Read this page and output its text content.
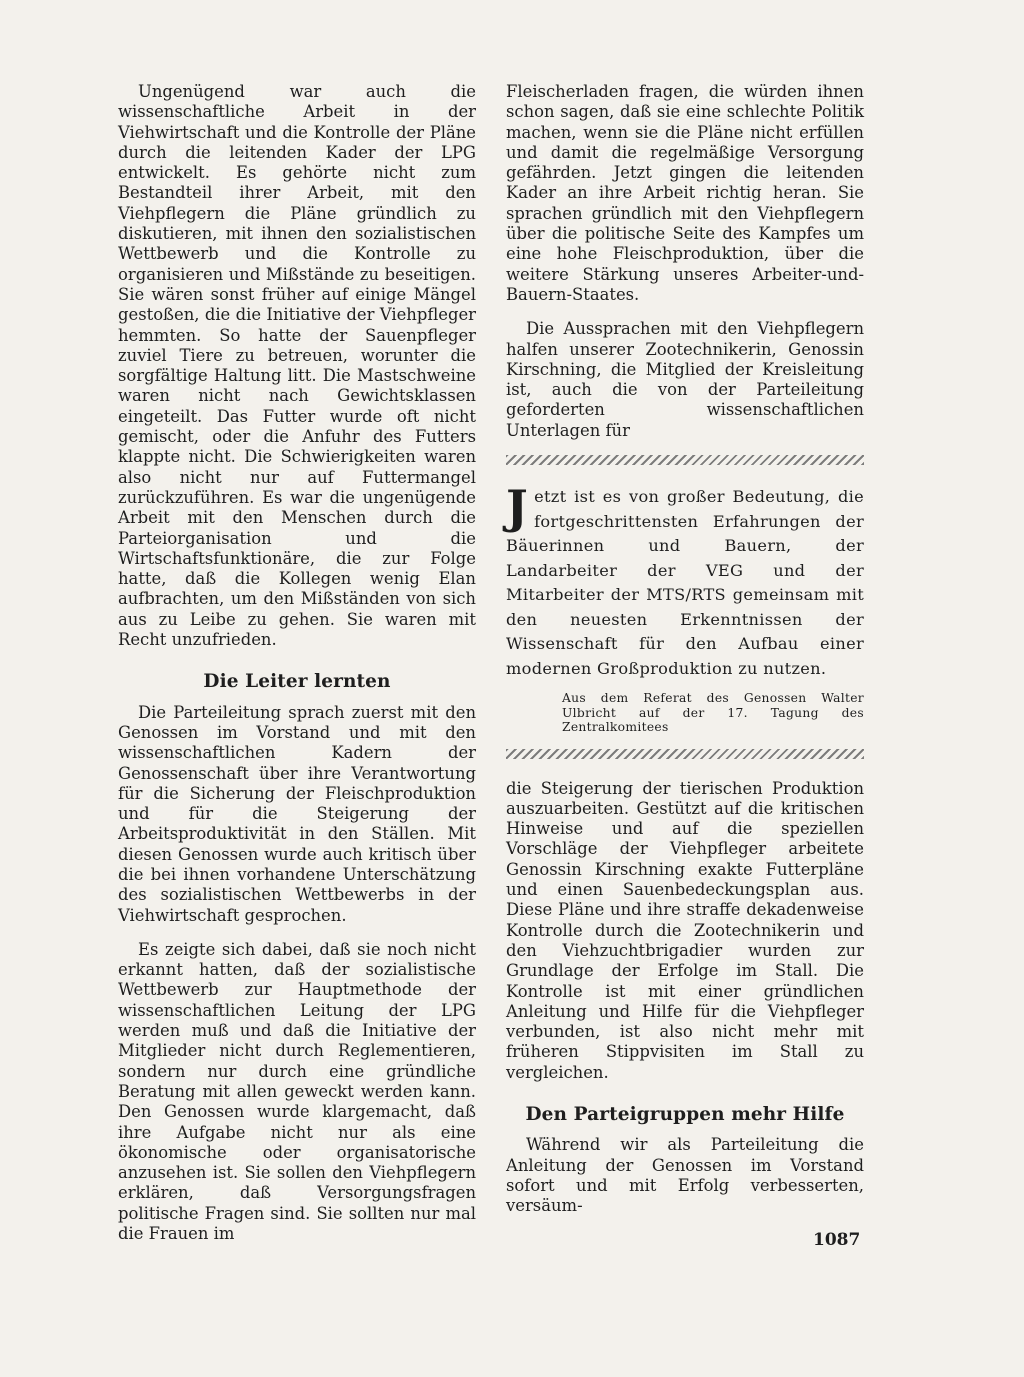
Ungenügend war auch die wissenschaftliche Arbeit in der Viehwirtschaft und die Kontrolle der Pläne durch die leitenden Kader der LPG entwickelt. Es gehörte nicht zum Bestandteil ihrer Arbeit, mit den Viehpflegern die Pläne gründlich zu diskutieren, mit ihnen den sozialistischen Wettbewerb und die Kontrolle zu organisieren und Mißstände zu beseitigen. Sie wären sonst früher auf einige Mängel gestoßen, die die Initiative der Viehpfleger hemmten. So hatte der Sauenpfleger zuviel Tiere zu betreuen, worunter die sorgfältige Haltung litt. Die Mastschweine waren nicht nach Gewichtsklassen eingeteilt. Das Futter wurde oft nicht gemischt, oder die Anfuhr des Futters klappte nicht. Die Schwierigkeiten waren also nicht nur auf Futtermangel zurückzuführen. Es war die ungenügende Arbeit mit den Menschen durch die Parteiorganisation und die Wirtschaftsfunktionäre, die zur Folge hatte, daß die Kollegen wenig Elan aufbrachten, um den Mißständen von sich aus zu Leibe zu gehen. Sie waren mit Recht unzufrieden.

Die Leiter lernten

Die Parteileitung sprach zuerst mit den Genossen im Vorstand und mit den wissenschaftlichen Kadern der Genossenschaft über ihre Verantwortung für die Sicherung der Fleischproduktion und für die Steigerung der Arbeitsproduktivität in den Ställen. Mit diesen Genossen wurde auch kritisch über die bei ihnen vorhandene Unterschätzung des sozialistischen Wettbewerbs in der Viehwirtschaft gesprochen.

Es zeigte sich dabei, daß sie noch nicht erkannt hatten, daß der sozialistische Wettbewerb zur Hauptmethode der wissenschaftlichen Leitung der LPG werden muß und daß die Initiative der Mitglieder nicht durch Reglementieren, sondern nur durch eine gründliche Beratung mit allen geweckt werden kann. Den Genossen wurde klargemacht, daß ihre Aufgabe nicht nur als eine ökonomische oder organisatorische anzusehen ist. Sie sollen den Viehpflegern erklären, daß Versorgungsfragen politische Fragen sind. Sie sollten nur mal die Frauen im

Fleischerladen fragen, die würden ihnen schon sagen, daß sie eine schlechte Politik machen, wenn sie die Pläne nicht erfüllen und damit die regelmäßige Versorgung gefährden. Jetzt gingen die leitenden Kader an ihre Arbeit richtig heran. Sie sprachen gründlich mit den Viehpflegern über die politische Seite des Kampfes um eine hohe Fleischproduktion, über die weitere Stärkung unseres Arbeiter-und-Bauern-Staates.

Die Aussprachen mit den Viehpflegern halfen unserer Zootechnikerin, Genossin Kirschning, die Mitglied der Kreisleitung ist, auch die von der Parteileitung geforderten wissenschaftlichen Unterlagen für

J etzt ist es von großer Bedeutung, die fortgeschrittensten Erfahrungen der Bäuerinnen und Bauern, der Landarbeiter der VEG und der Mitarbeiter der MTS/RTS gemeinsam mit den neuesten Erkenntnissen der Wissenschaft für den Aufbau einer modernen Großproduktion zu nutzen.
Aus dem Referat des Genossen Walter Ulbricht auf der 17. Tagung des Zentralkomitees

die Steigerung der tierischen Produktion auszuarbeiten. Gestützt auf die kritischen Hinweise und auf die speziellen Vorschläge der Viehpfleger arbeitete Genossin Kirschning exakte Futterpläne und einen Sauenbedeckungsplan aus. Diese Pläne und ihre straffe dekadenweise Kontrolle durch die Zootechnikerin und den Viehzuchtbrigadier wurden zur Grundlage der Erfolge im Stall. Die Kontrolle ist mit einer gründlichen Anleitung und Hilfe für die Viehpfleger verbunden, ist also nicht mehr mit früheren Stippvisiten im Stall zu vergleichen.

Den Parteigruppen mehr Hilfe

Während wir als Parteileitung die Anleitung der Genossen im Vorstand sofort und mit Erfolg verbesserten, versäum-

1087
